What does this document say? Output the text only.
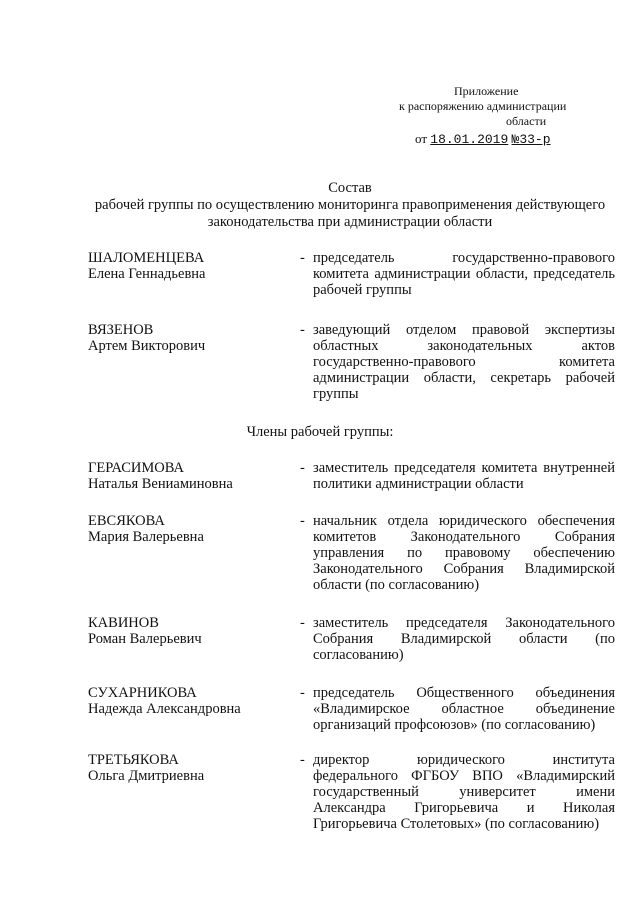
Приложение
к распоряжению администрации
области
от 18.01.2019 №33-р
Состав
рабочей группы по осуществлению мониторинга правоприменения действующего
законодательства при администрации области
ШАЛОМЕНЦЕВА
Елена Геннадьевна
- председатель государственно-правового комитета администрации области, председатель рабочей группы
ВЯЗЕНОВ
Артем Викторович
- заведующий отделом правовой экспертизы областных законодательных актов государственно-правового комитета администрации области, секретарь рабочей группы
Члены рабочей группы:
ГЕРАСИМОВА
Наталья Вениаминовна
- заместитель председателя комитета внутренней политики администрации области
ЕВСЯКОВА
Мария Валерьевна
- начальник отдела юридического обеспечения комитетов Законодательного Собрания управления по правовому обеспечению Законодательного Собрания Владимирской области (по согласованию)
КАВИНОВ
Роман Валерьевич
- заместитель председателя Законодательного Собрания Владимирской области (по согласованию)
СУХАРНИКОВА
Надежда Александровна
- председатель Общественного объединения «Владимирское областное объединение организаций профсоюзов» (по согласованию)
ТРЕТЬЯКОВА
Ольга Дмитриевна
- директор юридического института федерального ФГБОУ ВПО «Владимирский государственный университет имени Александра Григорьевича и Николая Григорьевича Столетовых» (по согласованию)
